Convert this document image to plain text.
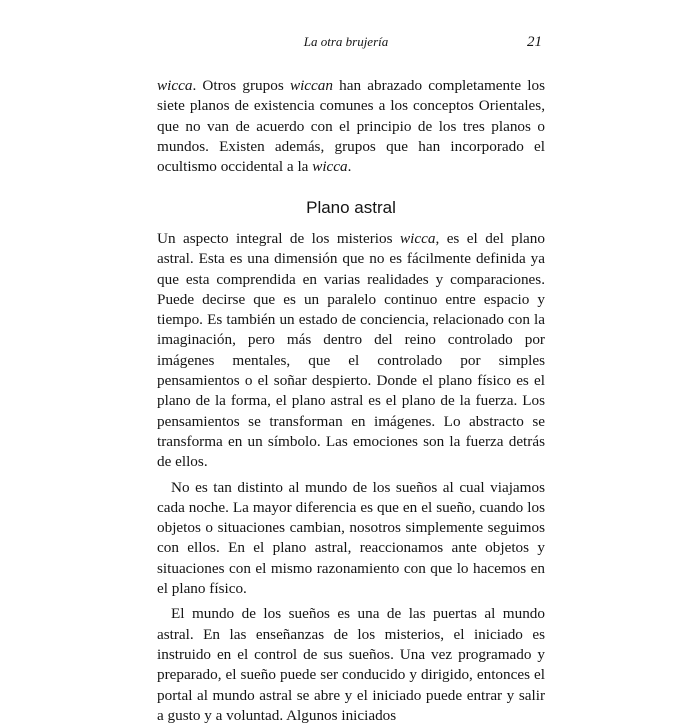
La otra brujería	21

wicca. Otros grupos wiccan han abrazado completamente los siete planos de existencia comunes a los conceptos Orientales, que no van de acuerdo con el principio de los tres planos o mundos. Existen además, grupos que han incorporado el ocultismo occidental a la wicca.

Plano astral

Un aspecto integral de los misterios wicca, es el del plano astral. Esta es una dimensión que no es fácilmente definida ya que esta comprendida en varias realidades y comparaciones. Puede decirse que es un paralelo continuo entre espacio y tiempo. Es también un estado de conciencia, relacionado con la imaginación, pero más dentro del reino controlado por imágenes mentales, que el controlado por simples pensamientos o el soñar despierto. Donde el plano físico es el plano de la forma, el plano astral es el plano de la fuerza. Los pensamientos se transforman en imágenes. Lo abstracto se transforma en un símbolo. Las emociones son la fuerza detrás de ellos.

No es tan distinto al mundo de los sueños al cual viajamos cada noche. La mayor diferencia es que en el sueño, cuando los objetos o situaciones cambian, nosotros simplemente seguimos con ellos. En el plano astral, reaccionamos ante objetos y situaciones con el mismo razonamiento con que lo hacemos en el plano físico.

El mundo de los sueños es una de las puertas al mundo astral. En las enseñanzas de los misterios, el iniciado es instruido en el control de sus sueños. Una vez programado y preparado, el sueño puede ser conducido y dirigido, entonces el portal al mundo astral se abre y el iniciado puede entrar y salir a gusto y a voluntad. Algunos iniciados
